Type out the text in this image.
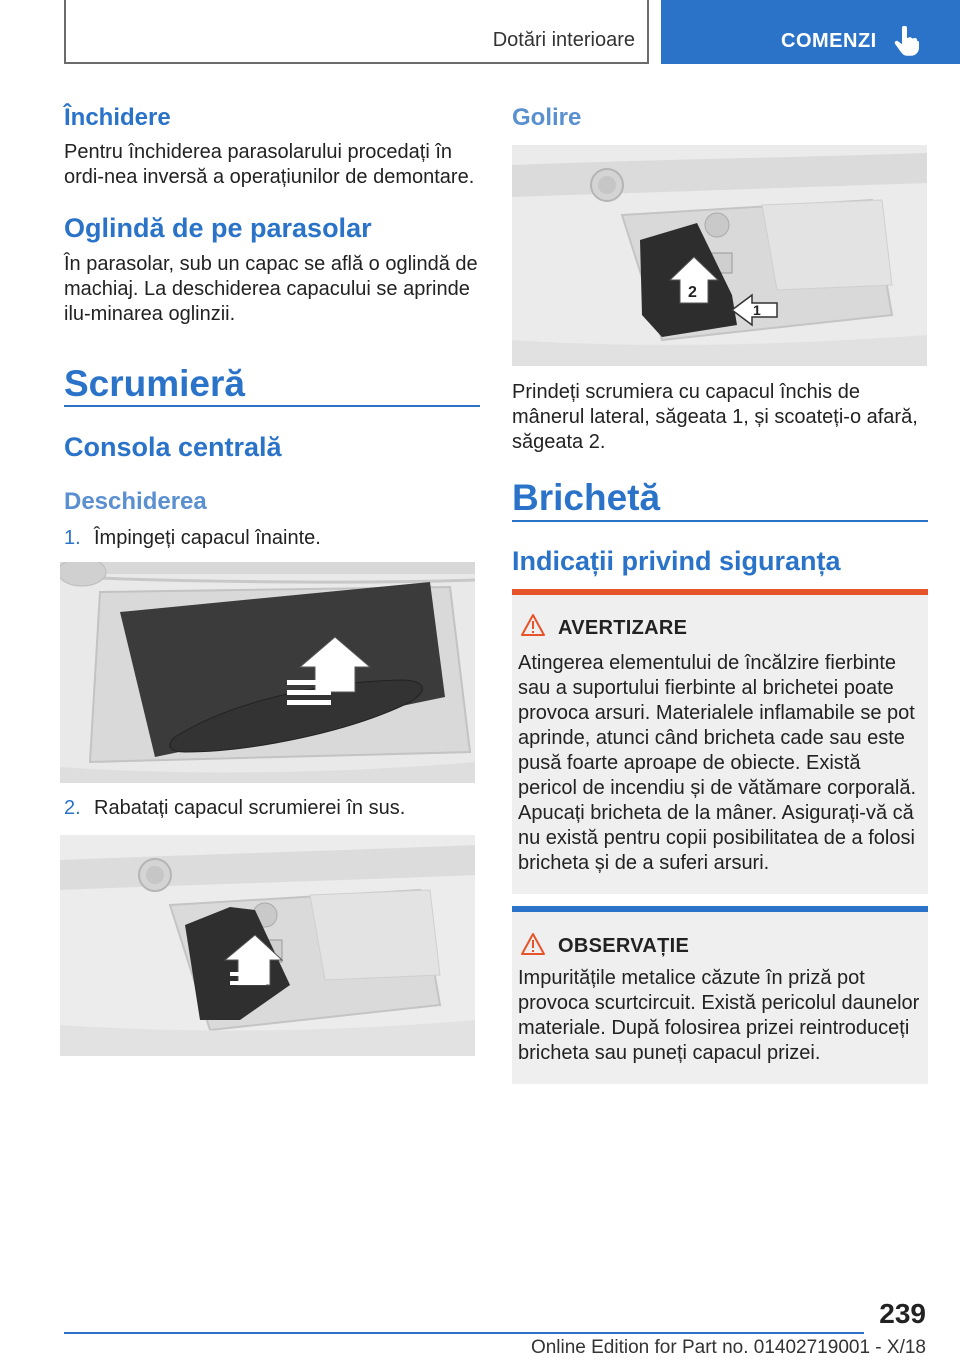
Dotări interioare	COMENZI
Închidere

Pentru închiderea parasolarului procedați în ordi-nea inversă a operațiunilor de demontare.

Oglindă de pe parasolar

În parasolar, sub un capac se află o oglindă de machiaj. La deschiderea capacului se aprinde ilu-minarea oglinzii.

Scrumieră
Consola centrală
Deschiderea
1. Împingeți capacul înainte.
2. Rabatați capacul scrumierei în sus.
Golire
2
1

Prindeți scrumiera cu capacul închis de mânerul lateral, săgeata 1, și scoateți-o afară, săgeata 2.

Brichetă
Indicații privind siguranța
AVERTIZARE
Atingerea elementului de încălzire fierbinte sau a suportului fierbinte al brichetei poate provoca arsuri. Materialele inflamabile se pot aprinde, atunci când bricheta cade sau este pusă foarte aproape de obiecte. Există pericol de incendiu și de vătămare corporală. Apucați bricheta de la mâner. Asigurați-vă că nu există pentru copii posibilitatea de a folosi bricheta și de a suferi arsuri.
OBSERVAȚIE
Impuritățile metalice căzute în priză pot provoca scurtcircuit. Există pericolul daunelor materiale. După folosirea prizei reintroduceți bricheta sau puneți capacul prizei.
239
Online Edition for Part no. 01402719001 - X/18
